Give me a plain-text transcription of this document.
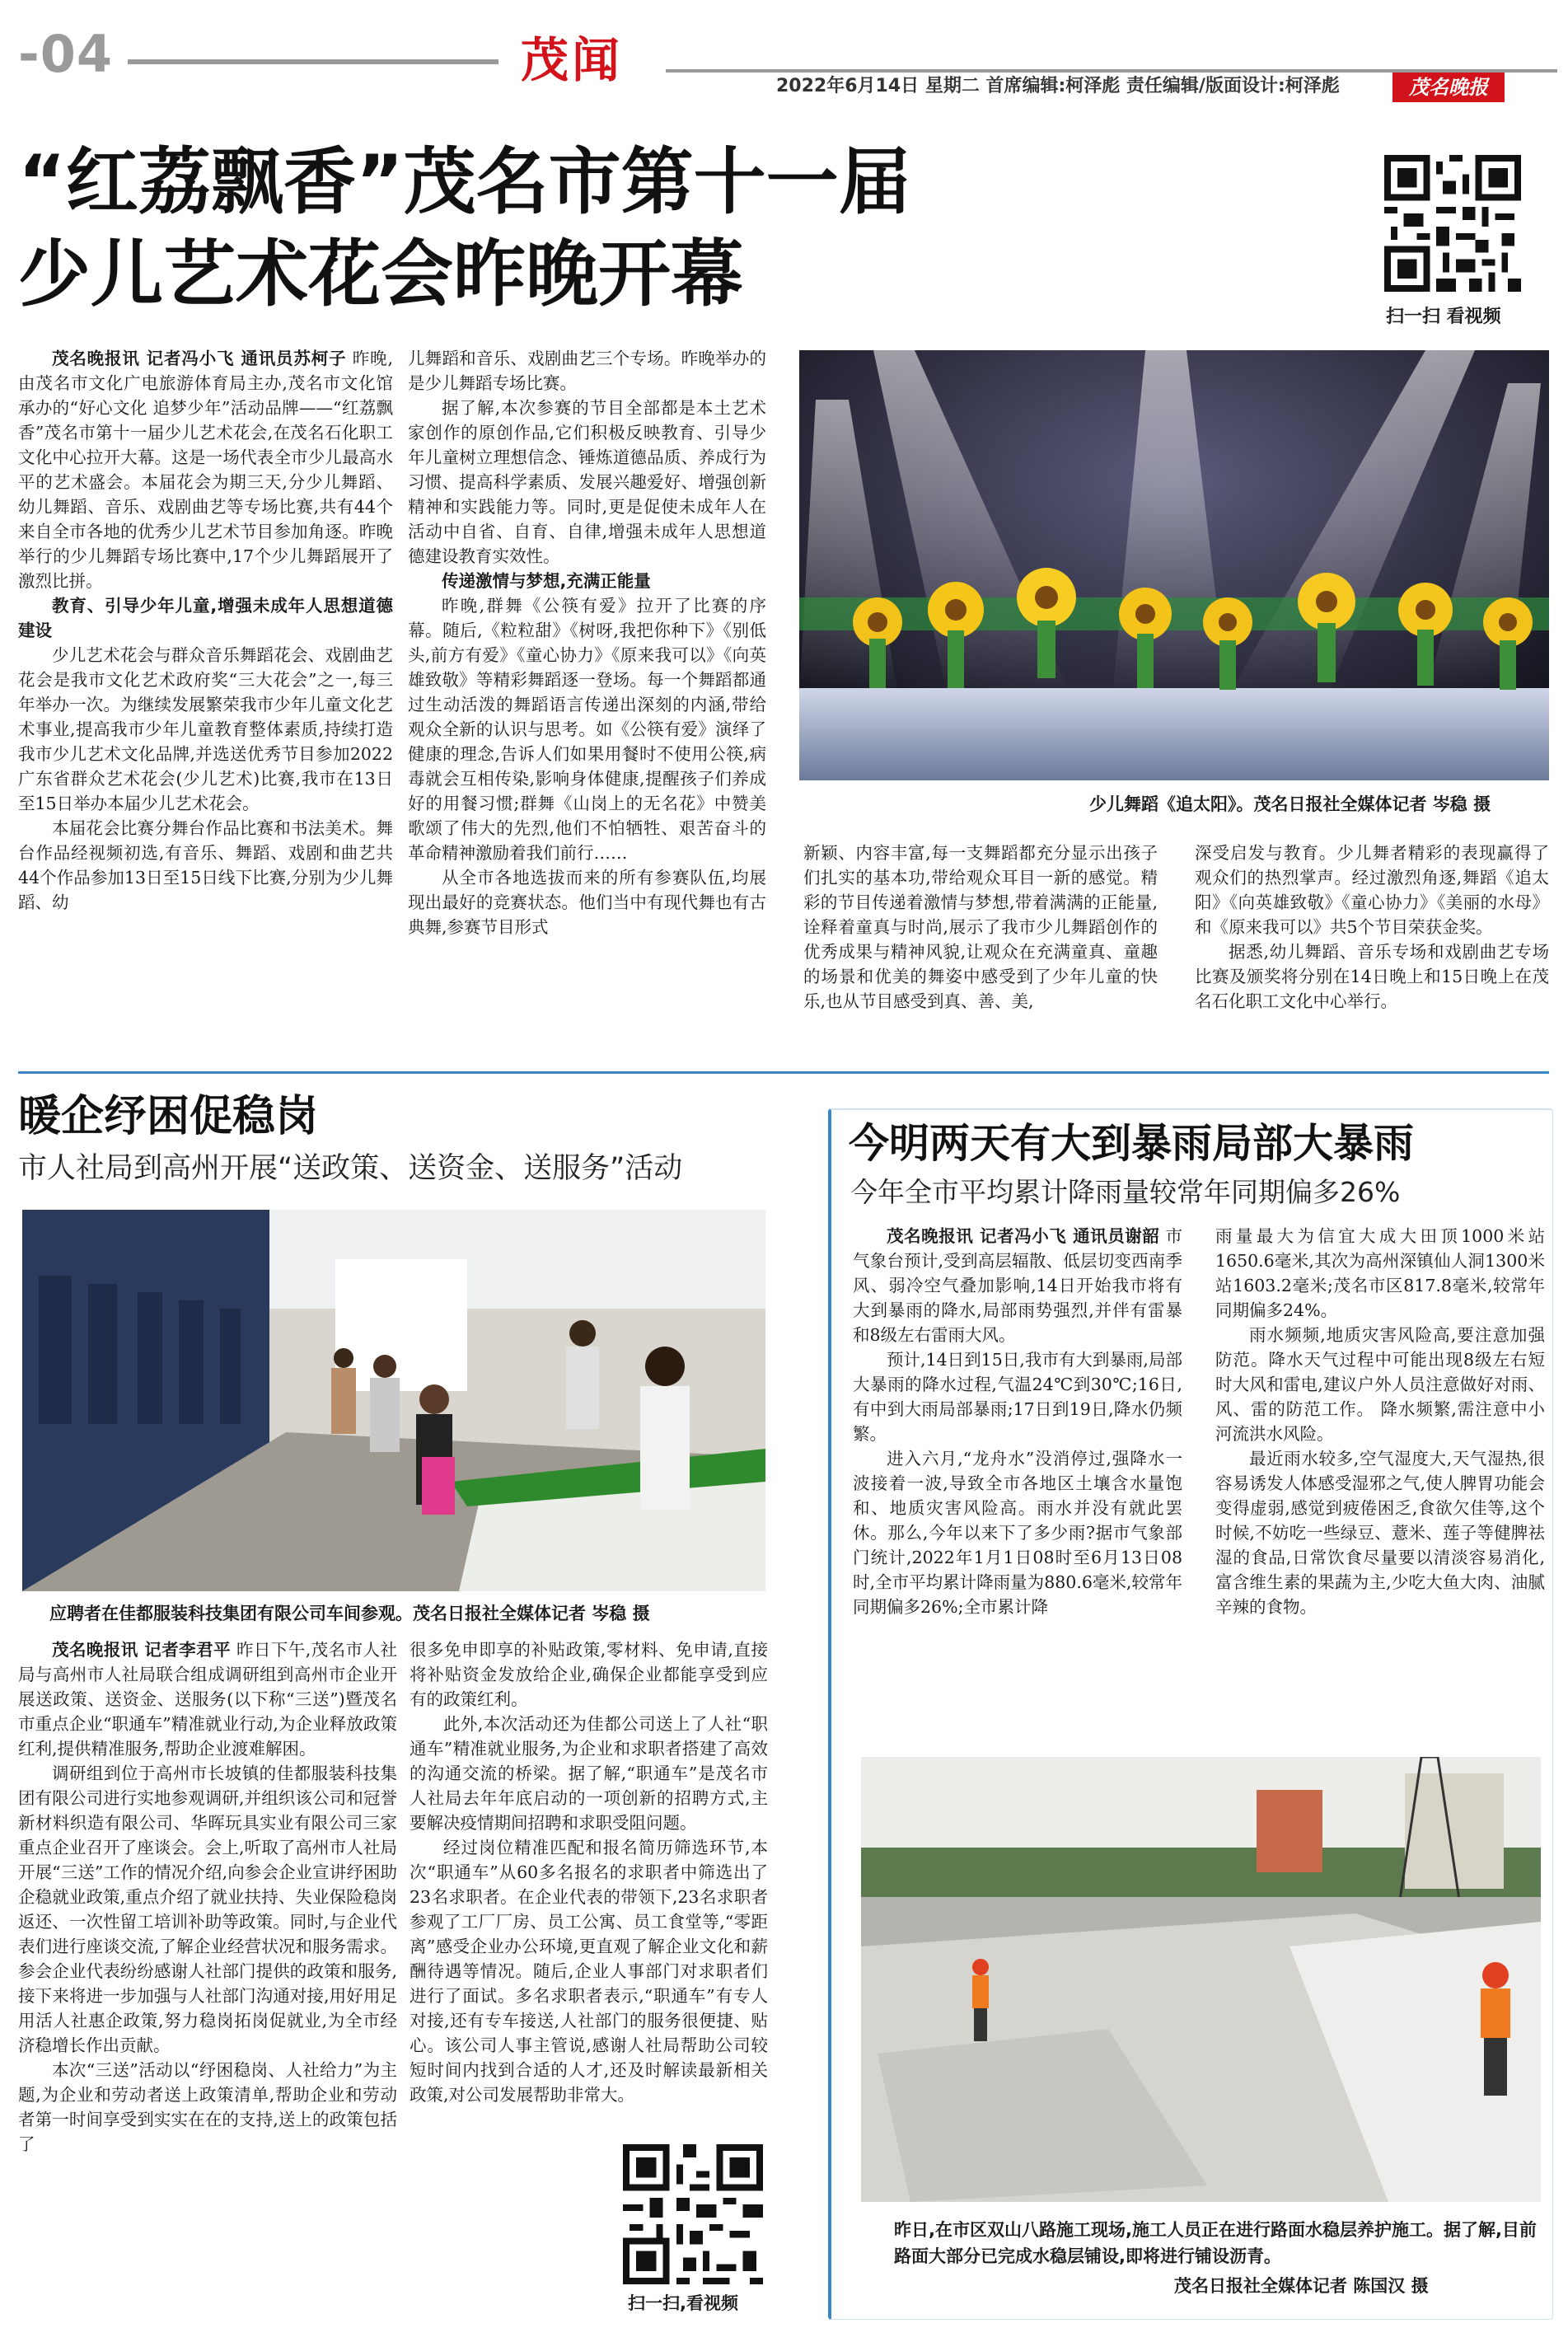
-04	茂闻	2022年6月14日 星期二 首席编辑:柯泽彪 责任编辑/版面设计:柯泽彪	茂名晚报
“红荔飘香”茂名市第十一届
少儿艺术花会昨晚开幕
扫一扫 看视频

茂名晚报讯 记者冯小飞 通讯员苏柯子 昨晚,由茂名市文化广电旅游体育局主办,茂名市文化馆承办的“好心文化 追梦少年”活动品牌——“红荔飘香”茂名市第十一届少儿艺术花会,在茂名石化职工文化中心拉开大幕。这是一场代表全市少儿最高水平的艺术盛会。本届花会为期三天,分少儿舞蹈、幼儿舞蹈、音乐、戏剧曲艺等专场比赛,共有44个来自全市各地的优秀少儿艺术节目参加角逐。昨晚举行的少儿舞蹈专场比赛中,17个少儿舞蹈展开了激烈比拼。

教育、引导少年儿童,增强未成年人思想道德建设

少儿艺术花会与群众音乐舞蹈花会、戏剧曲艺花会是我市文化艺术政府奖“三大花会”之一,每三年举办一次。为继续发展繁荣我市少年儿童文化艺术事业,提高我市少年儿童教育整体素质,持续打造我市少儿艺术文化品牌,并选送优秀节目参加2022广东省群众艺术花会(少儿艺术)比赛,我市在13日至15日举办本届少儿艺术花会。

本届花会比赛分舞台作品比赛和书法美术。舞台作品经视频初选,有音乐、舞蹈、戏剧和曲艺共44个作品参加13日至15日线下比赛,分别为少儿舞蹈、幼

儿舞蹈和音乐、戏剧曲艺三个专场。昨晚举办的是少儿舞蹈专场比赛。

据了解,本次参赛的节目全部都是本土艺术家创作的原创作品,它们积极反映教育、引导少年儿童树立理想信念、锤炼道德品质、养成行为习惯、提高科学素质、发展兴趣爱好、增强创新精神和实践能力等。同时,更是促使未成年人在活动中自省、自育、自律,增强未成年人思想道德建设教育实效性。

传递激情与梦想,充满正能量

昨晚,群舞《公筷有爱》拉开了比赛的序幕。随后,《粒粒甜》《树呀,我把你种下》《别低头,前方有爱》《童心协力》《原来我可以》《向英雄致敬》等精彩舞蹈逐一登场。每一个舞蹈都通过生动活泼的舞蹈语言传递出深刻的内涵,带给观众全新的认识与思考。如《公筷有爱》演绎了健康的理念,告诉人们如果用餐时不使用公筷,病毒就会互相传染,影响身体健康,提醒孩子们养成好的用餐习惯;群舞《山岗上的无名花》中赞美歌颂了伟大的先烈,他们不怕牺牲、艰苦奋斗的革命精神激励着我们前行……

从全市各地选拔而来的所有参赛队伍,均展现出最好的竞赛状态。他们当中有现代舞也有古典舞,参赛节目形式

少儿舞蹈《追太阳》。茂名日报社全媒体记者 岑稳 摄

新颖、内容丰富,每一支舞蹈都充分显示出孩子们扎实的基本功,带给观众耳目一新的感觉。精彩的节目传递着激情与梦想,带着满满的正能量,诠释着童真与时尚,展示了我市少儿舞蹈创作的优秀成果与精神风貌,让观众在充满童真、童趣的场景和优美的舞姿中感受到了少年儿童的快乐,也从节目感受到真、善、美,

深受启发与教育。少儿舞者精彩的表现赢得了观众们的热烈掌声。经过激烈角逐,舞蹈《追太阳》《向英雄致敬》《童心协力》《美丽的水母》和《原来我可以》共5个节目荣获金奖。

据悉,幼儿舞蹈、音乐专场和戏剧曲艺专场比赛及颁奖将分别在14日晚上和15日晚上在茂名石化职工文化中心举行。

暖企纾困促稳岗
市人社局到高州开展“送政策、送资金、送服务”活动
应聘者在佳都服装科技集团有限公司车间参观。茂名日报社全媒体记者 岑稳 摄

茂名晚报讯 记者李君平 昨日下午,茂名市人社局与高州市人社局联合组成调研组到高州市企业开展送政策、送资金、送服务(以下称“三送”)暨茂名市重点企业“职通车”精准就业行动,为企业释放政策红利,提供精准服务,帮助企业渡难解困。

调研组到位于高州市长坡镇的佳都服装科技集团有限公司进行实地参观调研,并组织该公司和冠誉新材料织造有限公司、华晖玩具实业有限公司三家重点企业召开了座谈会。会上,听取了高州市人社局开展“三送”工作的情况介绍,向参会企业宣讲纾困助企稳就业政策,重点介绍了就业扶持、失业保险稳岗返还、一次性留工培训补助等政策。同时,与企业代表们进行座谈交流,了解企业经营状况和服务需求。参会企业代表纷纷感谢人社部门提供的政策和服务,接下来将进一步加强与人社部门沟通对接,用好用足用活人社惠企政策,努力稳岗拓岗促就业,为全市经济稳增长作出贡献。

本次“三送”活动以“纾困稳岗、人社给力”为主题,为企业和劳动者送上政策清单,帮助企业和劳动者第一时间享受到实实在在的支持,送上的政策包括了

很多免申即享的补贴政策,零材料、免申请,直接将补贴资金发放给企业,确保企业都能享受到应有的政策红利。

此外,本次活动还为佳都公司送上了人社“职通车”精准就业服务,为企业和求职者搭建了高效的沟通交流的桥梁。据了解,“职通车”是茂名市人社局去年年底启动的一项创新的招聘方式,主要解决疫情期间招聘和求职受阻问题。

经过岗位精准匹配和报名简历筛选环节,本次“职通车”从60多名报名的求职者中筛选出了23名求职者。在企业代表的带领下,23名求职者参观了工厂厂房、员工公寓、员工食堂等,“零距离”感受企业办公环境,更直观了解企业文化和薪酬待遇等情况。随后,企业人事部门对求职者们进行了面试。多名求职者表示,“职通车”有专人对接,还有专车接送,人社部门的服务很便捷、贴心。该公司人事主管说,感谢人社局帮助公司较短时间内找到合适的人才,还及时解读最新相关政策,对公司发展帮助非常大。

扫一扫,看视频
今明两天有大到暴雨局部大暴雨
今年全市平均累计降雨量较常年同期偏多26%

茂名晚报讯 记者冯小飞 通讯员谢韶 市气象台预计,受到高层辐散、低层切变西南季风、弱冷空气叠加影响,14日开始我市将有大到暴雨的降水,局部雨势强烈,并伴有雷暴和8级左右雷雨大风。

预计,14日到15日,我市有大到暴雨,局部大暴雨的降水过程,气温24℃到30℃;16日,有中到大雨局部暴雨;17日到19日,降水仍频繁。

进入六月,“龙舟水”没消停过,强降水一波接着一波,导致全市各地区土壤含水量饱和、地质灾害风险高。雨水并没有就此罢休。那么,今年以来下了多少雨?据市气象部门统计,2022年1月1日08时至6月13日08时,全市平均累计降雨量为880.6毫米,较常年同期偏多26%;全市累计降

雨量最大为信宜大成大田顶1000米站1650.6毫米,其次为高州深镇仙人洞1300米站1603.2毫米;茂名市区817.8毫米,较常年同期偏多24%。

雨水频频,地质灾害风险高,要注意加强防范。降水天气过程中可能出现8级左右短时大风和雷电,建议户外人员注意做好对雨、风、雷的防范工作。 降水频繁,需注意中小河流洪水风险。

最近雨水较多,空气湿度大,天气湿热,很容易诱发人体感受湿邪之气,使人脾胃功能会变得虚弱,感觉到疲倦困乏,食欲欠佳等,这个时候,不妨吃一些绿豆、薏米、莲子等健脾祛湿的食品,日常饮食尽量要以清淡容易消化,富含维生素的果蔬为主,少吃大鱼大肉、油腻辛辣的食物。

昨日,在市区双山八路施工现场,施工人员正在进行路面水稳层养护施工。据了解,目前路面大部分已完成水稳层铺设,即将进行铺设沥青。
茂名日报社全媒体记者 陈国汉 摄
